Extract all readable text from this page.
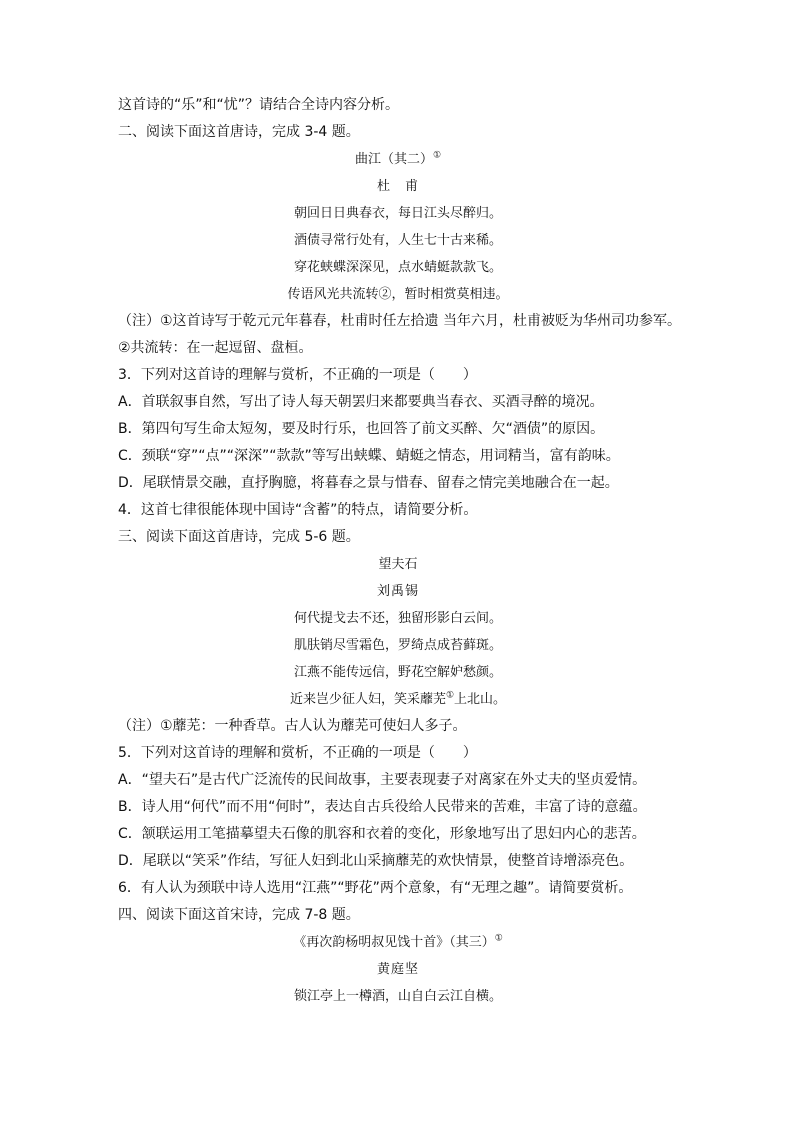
这首诗的“乐”和“忧”？请结合全诗内容分析。

二、阅读下面这首唐诗，完成 3-4 题。

曲江（其二）①

杜　甫

朝回日日典春衣，每日江头尽醉归。

酒债寻常行处有，人生七十古来稀。

穿花蛱蝶深深见，点水蜻蜓款款飞。

传语风光共流转②，暂时相赏莫相违。

（注）①这首诗写于乾元元年暮春，杜甫时任左拾遗 当年六月，杜甫被贬为华州司功参军。

②共流转：在一起逗留、盘桓。

3．下列对这首诗的理解与赏析，不正确的一项是（　　）

A．首联叙事自然，写出了诗人每天朝罢归来都要典当春衣、买酒寻醉的境况。

B．第四句写生命太短匆，要及时行乐，也回答了前文买醉、欠“酒债”的原因。

C．颈联“穿”“点”“深深”“款款”等写出蛱蝶、蜻蜓之情态，用词精当，富有韵味。

D．尾联情景交融，直抒胸臆，将暮春之景与惜春、留春之情完美地融合在一起。

4．这首七律很能体现中国诗“含蓄”的特点，请简要分析。

三、阅读下面这首唐诗，完成 5-6 题。

望夫石

刘禹锡

何代提戈去不还，独留形影白云间。

肌肤销尽雪霜色，罗绮点成苔藓斑。

江燕不能传远信，野花空解妒愁颜。

近来岂少征人妇，笑采蘼芜①上北山。

（注）①蘼芜：一种香草。古人认为蘼芜可使妇人多子。

5．下列对这首诗的理解和赏析，不正确的一项是（　　）

A．“望夫石”是古代广泛流传的民间故事，主要表现妻子对离家在外丈夫的坚贞爱情。

B．诗人用“何代”而不用“何时”，表达自古兵役给人民带来的苦难，丰富了诗的意蕴。

C．颔联运用工笔描摹望夫石像的肌容和衣着的变化，形象地写出了思妇内心的悲苦。

D．尾联以“笑采”作结，写征人妇到北山采摘蘼芜的欢快情景，使整首诗增添亮色。

6．有人认为颈联中诗人选用“江燕”“野花”两个意象，有“无理之趣”。请简要赏析。

四、阅读下面这首宋诗，完成 7-8 题。

《再次韵杨明叔见饯十首》（其三）①

黄庭坚

锁江亭上一樽酒，山自白云江自横。
